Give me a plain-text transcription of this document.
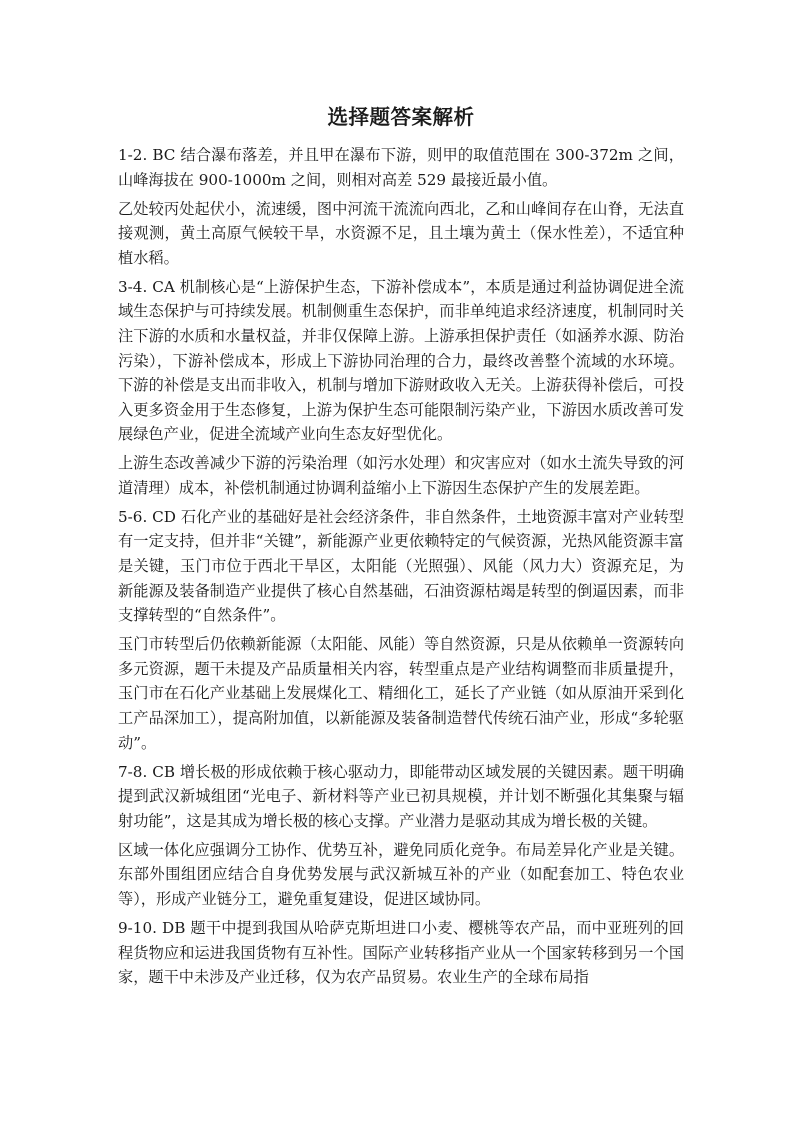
选择题答案解析

1-2. BC 结合瀑布落差，并且甲在瀑布下游，则甲的取值范围在 300-372m 之间，山峰海拔在 900-1000m 之间，则相对高差 529 最接近最小值。

乙处较丙处起伏小，流速缓，图中河流干流流向西北，乙和山峰间存在山脊，无法直接观测，黄土高原气候较干旱，水资源不足，且土壤为黄土（保水性差），不适宜种植水稻。

3-4. CA 机制核心是“上游保护生态，下游补偿成本”，本质是通过利益协调促进全流域生态保护与可持续发展。机制侧重生态保护，而非单纯追求经济速度，机制同时关注下游的水质和水量权益，并非仅保障上游。上游承担保护责任（如涵养水源、防治污染），下游补偿成本，形成上下游协同治理的合力，最终改善整个流域的水环境。下游的补偿是支出而非收入，机制与增加下游财政收入无关。上游获得补偿后，可投入更多资金用于生态修复，上游为保护生态可能限制污染产业，下游因水质改善可发展绿色产业，促进全流域产业向生态友好型优化。

上游生态改善减少下游的污染治理（如污水处理）和灾害应对（如水土流失导致的河道清理）成本，补偿机制通过协调利益缩小上下游因生态保护产生的发展差距。

5-6. CD 石化产业的基础好是社会经济条件，非自然条件，土地资源丰富对产业转型有一定支持，但并非“关键”，新能源产业更依赖特定的气候资源，光热风能资源丰富是关键，玉门市位于西北干旱区，太阳能（光照强）、风能（风力大）资源充足，为新能源及装备制造产业提供了核心自然基础，石油资源枯竭是转型的倒逼因素，而非支撑转型的“自然条件”。

玉门市转型后仍依赖新能源（太阳能、风能）等自然资源，只是从依赖单一资源转向多元资源，题干未提及产品质量相关内容，转型重点是产业结构调整而非质量提升，玉门市在石化产业基础上发展煤化工、精细化工，延长了产业链（如从原油开采到化工产品深加工），提高附加值，以新能源及装备制造替代传统石油产业，形成“多轮驱动”。

7-8. CB 增长极的形成依赖于核心驱动力，即能带动区域发展的关键因素。题干明确提到武汉新城组团“光电子、新材料等产业已初具规模，并计划不断强化其集聚与辐射功能”，这是其成为增长极的核心支撑。产业潜力是驱动其成为增长极的关键。

区域一体化应强调分工协作、优势互补，避免同质化竞争。布局差异化产业是关键。东部外围组团应结合自身优势发展与武汉新城互补的产业（如配套加工、特色农业等），形成产业链分工，避免重复建设，促进区域协同。

9-10. DB 题干中提到我国从哈萨克斯坦进口小麦、樱桃等农产品，而中亚班列的回程货物应和运进我国货物有互补性。国际产业转移指产业从一个国家转移到另一个国家，题干中未涉及产业迁移，仅为农产品贸易。农业生产的全球布局指
